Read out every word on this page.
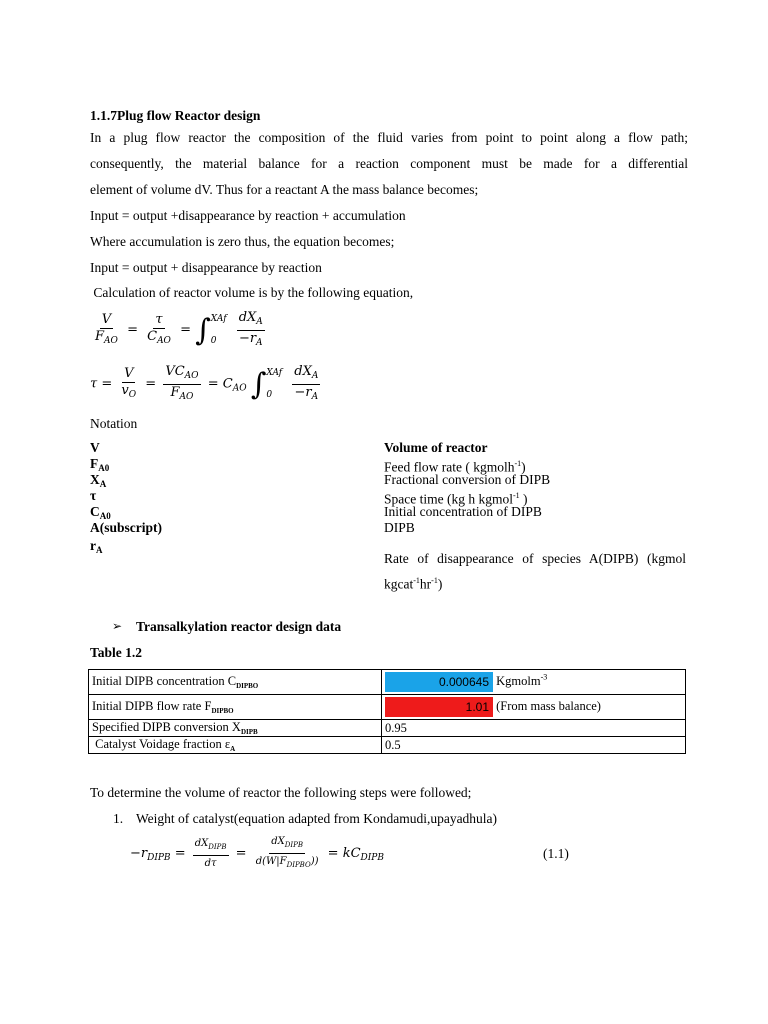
1.1.7Plug flow Reactor design
In a plug flow reactor the composition of the fluid varies from point to point along a flow path;
consequently, the material balance for a reaction component must be made for a differential
element of volume dV. Thus for a reactant A the mass balance becomes;
Input = output +disappearance by reaction + accumulation
Where accumulation is zero thus, the equation becomes;
Input = output + disappearance by reaction
Calculation of reactor volume is by the following equation,
$\frac{V}{F_{AO}} = \frac{\tau}{C_{AO}}$ = ∫ XAf
0
	$\frac{dX_A}{-r_A}$
$\tau = \frac{V}{v_O} = \frac{VC_{AO}}{F_{AO}} = C_{AO}$ ∫ XAf
0
	$\frac{dX_A}{-r_A}$
Notation
V	Volume of reactor
$F_{A0}$	Feed flow rate ( kgmolh$^{-1}$)
$X_A$	Fractional conversion of DIPB
τ	Space time (kg h kgmol$^{-1}$ )
$C_{A0}$	Initial concentration of DIPB
A(subscript)	DIPB
$r_A$
Rate of disappearance of species A(DIPB) (kgmol
$kgcat^{-1}hr^{-1}$)
➢ Transalkylation reactor design data
Table 1.2
Initial DIPB concentration $C_{DIPBO}$	0.000645 Kgmolm$^{-3}$
Initial DIPB flow rate $F_{DIPBO}$	1.01 (From mass balance)
Specified DIPB conversion $X_{DIPB}$	0.95
Catalyst Voidage fraction $\varepsilon_A$	0.5
To determine the volume of reactor the following steps were followed;
1. Weight of catalyst(equation adapted from Kondamudi,upayadhula)
$-r_{DIPB} = \frac{dX_{DIPB}}{d\tau} = \frac{dX_{DIPB}}{d(W|F_{DIPBO}))} = kC_{DIPB}$	(1.1)
